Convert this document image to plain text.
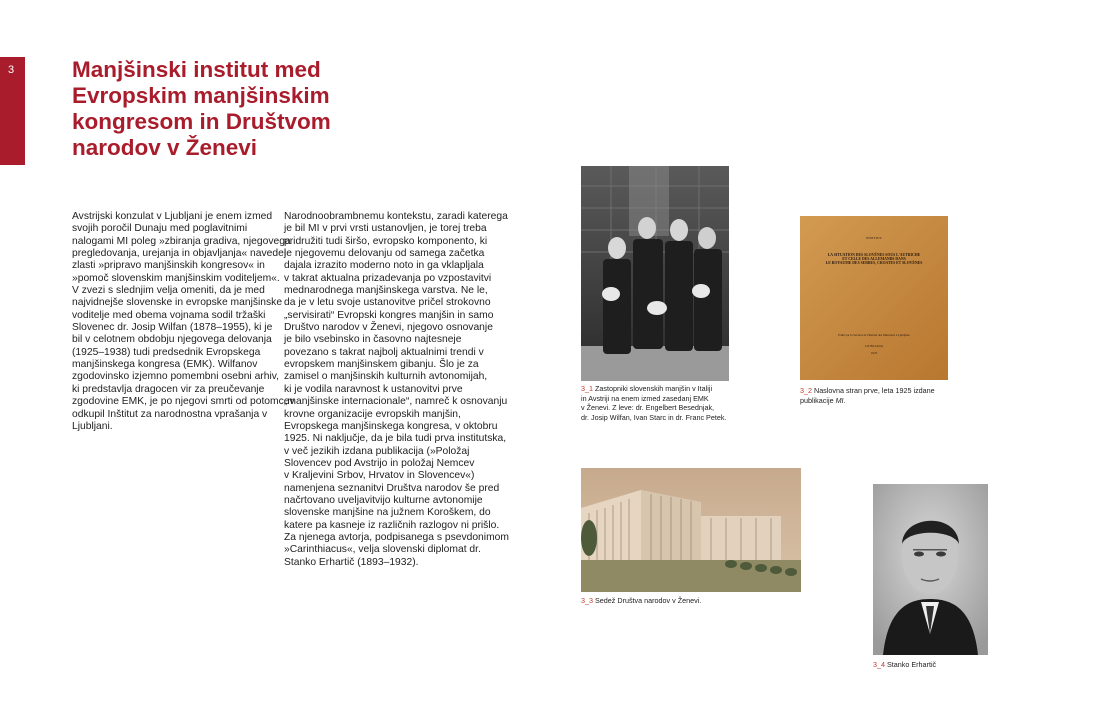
3	Manjšinski institut med
Evropskim manjšinskim
kongresom in Društvom
narodov v Ženevi
Avstrijski konzulat v Ljubljani je enem izmed
svojih poročil Dunaju med poglavitnimi
nalogami MI poleg »zbiranja gradiva, njegovega
pregledovanja, urejanja in objavljanja« navedel
zlasti »pripravo manjšinskih kongresov« in
»pomoč slovenskim manjšinskim voditeljem«.
V zvezi s slednjim velja omeniti, da je med
najvidnejše slovenske in evropske manjšinske
voditelje med obema vojnama sodil tržaški
Slovenec dr. Josip Wilfan (1878–1955), ki je
bil v celotnem obdobju njegovega delovanja
(1925–1938) tudi predsednik Evropskega
manjšinskega kongresa (EMK). Wilfanov
zgodovinsko izjemno pomembni osebni arhiv,
ki predstavlja dragocen vir za preučevanje
zgodovine EMK, je po njegovi smrti od potomcev
odkupil Inštitut za narodnostna vprašanja v
Ljubljani.
Narodnoobrambnemu kontekstu, zaradi katerega
je bil MI v prvi vrsti ustanovljen, je torej treba
pridružiti tudi širšo, evropsko komponento, ki
je njegovemu delovanju od samega začetka
dajala izrazito moderno noto in ga vklapljala
v takrat aktualna prizadevanja po vzpostavitvi
mednarodnega manjšinskega varstva. Ne le,
da je v letu svoje ustanovitve pričel strokovno
„servisirati“ Evropski kongres manjšin in samo
Društvo narodov v Ženevi, njegovo osnovanje
je bilo vsebinsko in časovno najtesneje
povezano s takrat najbolj aktualnimi trendi v
evropskem manjšinskem gibanju. Šlo je za
zamisel o manjšinskih kulturnih avtonomijah,
ki je vodila naravnost k ustanovitvi prve
„manjšinske internacionale“, namreč k osnovanju
krovne organizacije evropskih manjšin,
Evropskega manjšinskega kongresa, v oktobru
1925. Ni naključje, da je bila tudi prva institutska,
v več jezikih izdana publikacija (»Položaj
Slovencev pod Avstrijo in položaj Nemcev
v Kraljevini Srbov, Hrvatov in Slovencev«)
namenjena seznanitvi Društva narodov še pred
načrtovano uveljavitvijo kulturne avtonomije
slovenske manjšine na južnem Koroškem, do
katere pa kasneje iz različnih razlogov ni prišlo.
Za njenega avtorja, podpisanega s psevdonimom
»Carinthiacus«, velja slovenski diplomat dr.
Stanko Erhartič (1893–1932).
3_1 Zastopniki slovenskih manjšin v Italiji
in Avstriji na enem izmed zasedanj EMK
v Ženevi. Z leve: dr. Engelbert Besednjak,
dr. Josip Wilfan, Ivan Starc in dr. Franc Petek.
INSTITUT
LA SITUATION DES SLOVÈNES SOUS L'AUTRICHE
ET CELLE DES ALLEMANDS DANS
LE ROYAUME DES SERBES, CROATES ET SLOVÈNES
Edité par la Section de l'Institut des Minorités à Ljubljana
LJUBLJANA
1925
3_2 Naslovna stran prve, leta 1925 izdane
publikacije MI.
3_3 Sedež Društva narodov v Ženevi.
3_4 Stanko Erhartič
